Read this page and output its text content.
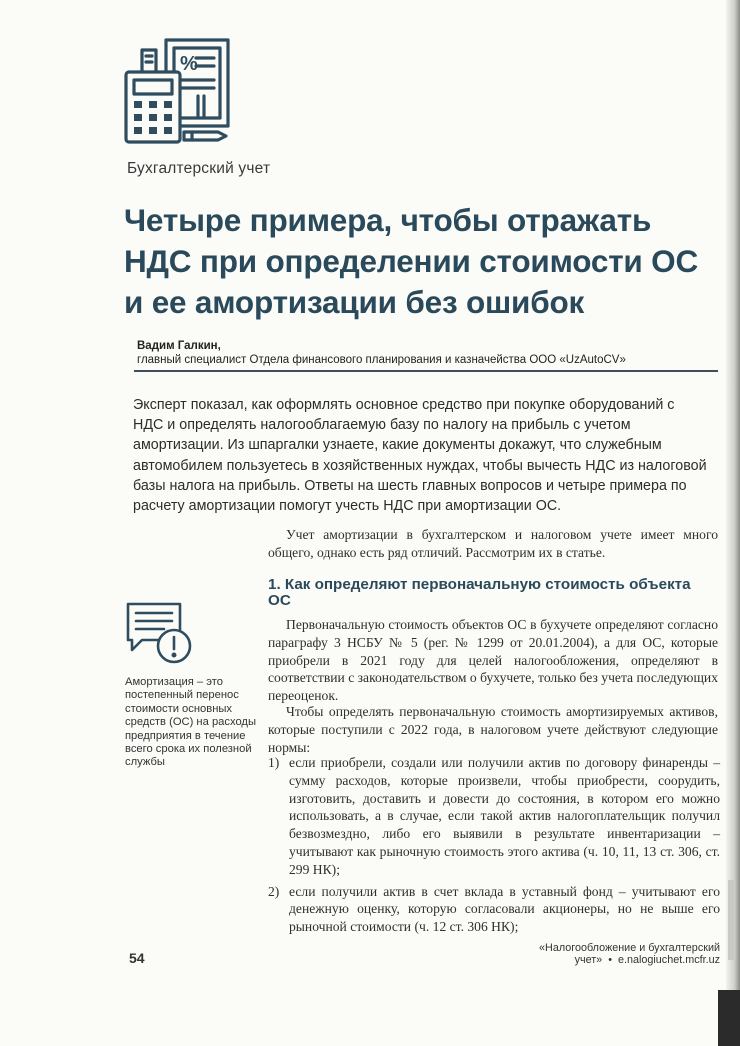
%
Бухгалтерский учет
Четыре примера, чтобы отражать НДС при определении стоимости ОС и ее амортизации без ошибок
Вадим Галкин,
главный специалист Отдела финансового планирования и казначейства ООО «UzAutoCV»

Эксперт показал, как оформлять основное средство при покупке оборудований с НДС и определять налогооблагаемую базу по налогу на прибыль с учетом амортизации. Из шпаргалки узнаете, какие документы докажут, что служебным автомобилем пользуетесь в хозяйственных нуждах, чтобы вычесть НДС из налоговой базы налога на прибыль. Ответы на шесть главных вопросов и четыре примера по расчету амортизации помогут учесть НДС при амортизации ОС.

Учет амортизации в бухгалтерском и налоговом учете имеет много общего, однако есть ряд отличий. Рассмотрим их в статье.

1. Как определяют первоначальную стоимость объекта ОС

Первоначальную стоимость объектов ОС в бухучете определяют согласно параграфу 3 НСБУ № 5 (рег. № 1299 от 20.01.2004), а для ОС, которые приобрели в 2021 году для целей налогообложения, определяют в соответствии с законодательством о бухучете, только без учета последующих переоценок.

Чтобы определять первоначальную стоимость амортизируемых активов, которые поступили с 2022 года, в налоговом учете действуют следующие нормы:

1) если приобрели, создали или получили актив по договору финаренды – сумму расходов, которые произвели, чтобы приобрести, соорудить, изготовить, доставить и довести до состояния, в котором его можно использовать, а в случае, если такой актив налогоплательщик получил безвозмездно, либо его выявили в результате инвентаризации – учитывают как рыночную стоимость этого актива (ч. 10, 11, 13 ст. 306, ст. 299 НК);
2) если получили актив в счет вклада в уставный фонд – учитывают его денежную оценку, которую согласовали акционеры, но не выше его рыночной стоимости (ч. 12 ст. 306 НК);

Амортизация – это постепенный перенос стоимости основных средств (ОС) на расходы предприятия в течение всего срока их полезной службы

54
«Налогообложение и бухгалтерский учет» • e.nalogiuchet.mcfr.uz
